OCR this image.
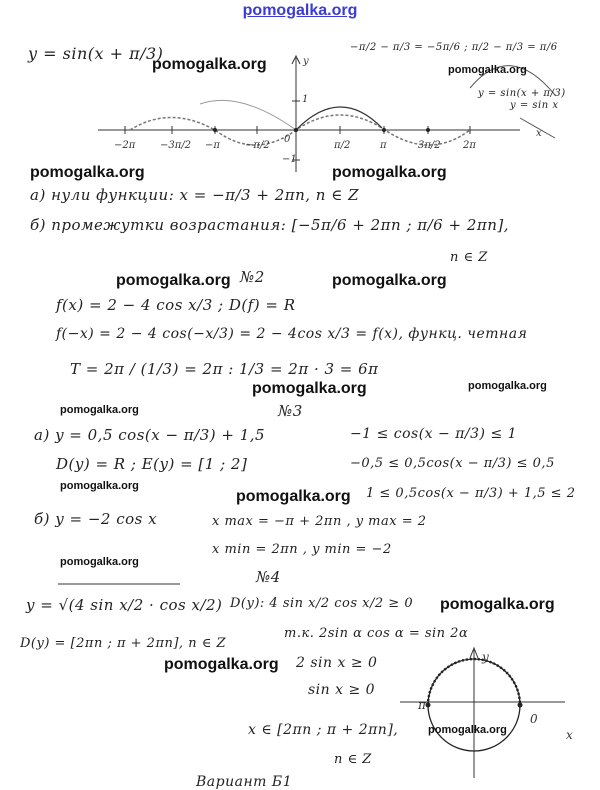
pomogalka.org
−2π −3π/2 −π	−π/2
0
π/2	π	3π/2 2π
1
−1
y
x
y = sin(x + π/3)	−π/2 − π/3 = −5π/6 ; π/2 − π/3 = π/6
y = sin(x + π/3)
y = sin x
а) нули функции: x = −π/3 + 2πn, n ∈ Z
б) промежутки возрастания: [−5π/6 + 2πn ; π/6 + 2πn],
n ∈ Z
№2
f(x) = 2 − 4 cos x/3 ; D(f) = R
f(−x) = 2 − 4 cos(−x/3) = 2 − 4cos x/3 = f(x), функц. четная
T = 2π / (1/3) = 2π : 1/3 = 2π · 3 = 6π
№3
а) y = 0,5 cos(x − π/3) + 1,5
D(y) = R ; E(y) = [1 ; 2]
−1 ≤ cos(x − π/3) ≤ 1
−0,5 ≤ 0,5cos(x − π/3) ≤ 0,5
1 ≤ 0,5cos(x − π/3) + 1,5 ≤ 2
б) y = −2 cos x	x max = −π + 2πn , y max = 2
x min = 2πn , y min = −2
№4
y = √(4 sin x/2 · cos x/2) D(y): 4 sin x/2 cos x/2 ≥ 0
т.к. 2sin α cos α = sin 2α
D(y) = [2πn ; π + 2πn], n ∈ Z
2 sin x ≥ 0
sin x ≥ 0
x ∈ [2πn ; π + 2πn],
n ∈ Z
y
x
π
0
Вариант Б1
pomogalka.org	pomogalka.org
pomogalka.org	pomogalka.org
pomogalka.org	pomogalka.org
pomogalka.org	pomogalka.org
pomogalka.org
pomogalka.org
pomogalka.org
pomogalka.org
pomogalka.org
pomogalka.org
pomogalka.org
